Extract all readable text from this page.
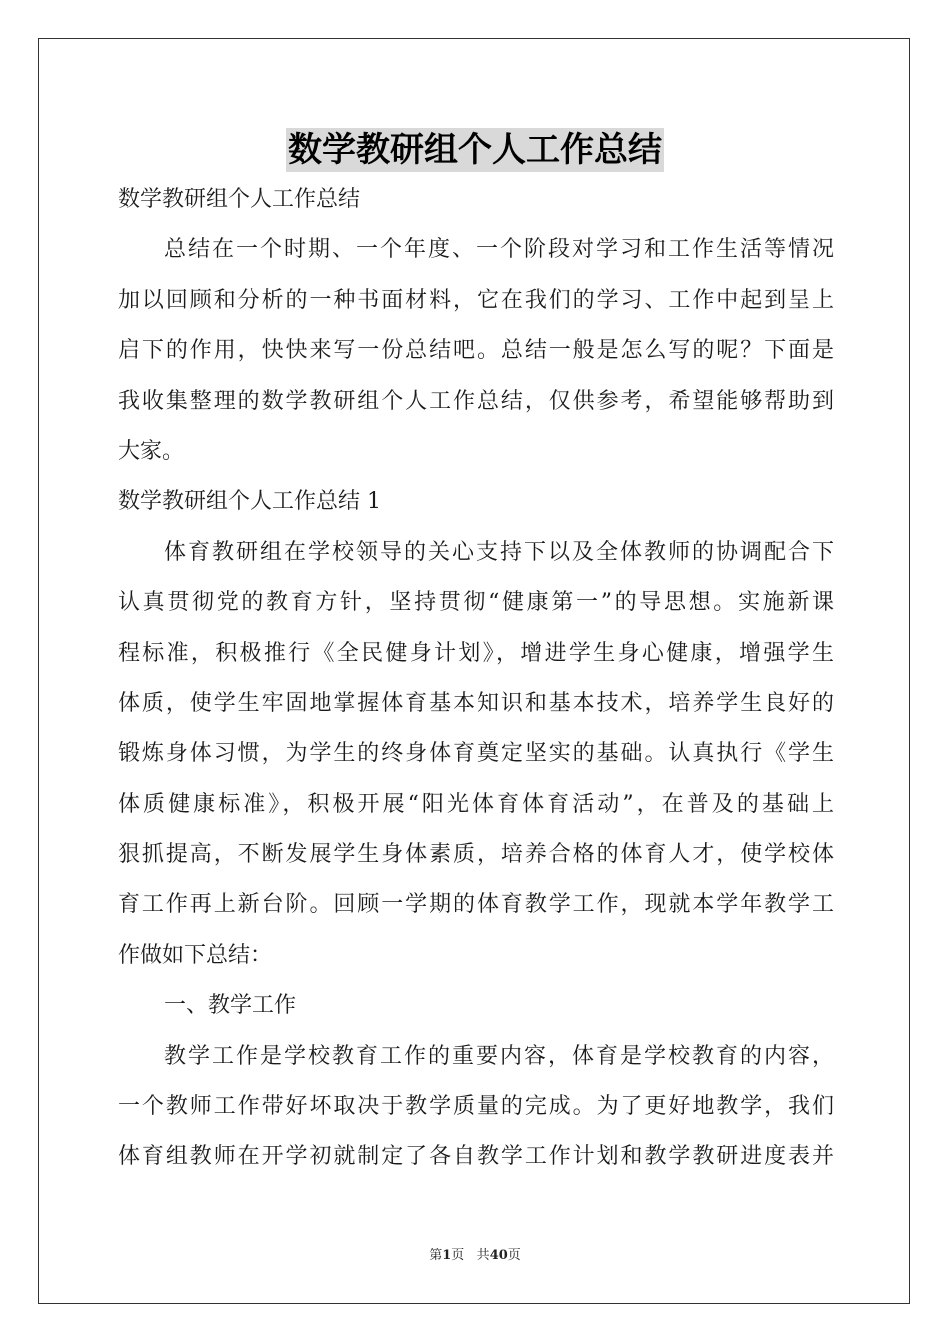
数学教研组个人工作总结
数学教研组个人工作总结
总结在一个时期、一个年度、一个阶段对学习和工作生活等情况
加以回顾和分析的一种书面材料，它在我们的学习、工作中起到呈上
启下的作用，快快来写一份总结吧。总结一般是怎么写的呢？下面是
我收集整理的数学教研组个人工作总结，仅供参考，希望能够帮助到
大家。
数学教研组个人工作总结 1
体育教研组在学校领导的关心支持下以及全体教师的协调配合下
认真贯彻党的教育方针，坚持贯彻“健康第一”的导思想。实施新课
程标准，积极推行《全民健身计划》，增进学生身心健康，增强学生
体质，使学生牢固地掌握体育基本知识和基本技术，培养学生良好的
锻炼身体习惯，为学生的终身体育奠定坚实的基础。认真执行《学生
体质健康标准》，积极开展“阳光体育体育活动”，在普及的基础上
狠抓提高，不断发展学生身体素质，培养合格的体育人才，使学校体
育工作再上新台阶。回顾一学期的体育教学工作，现就本学年教学工
作做如下总结：
一、教学工作
教学工作是学校教育工作的重要内容，体育是学校教育的内容，
一个教师工作带好坏取决于教学质量的完成。为了更好地教学，我们
体育组教师在开学初就制定了各自教学工作计划和教学教研进度表并
第1页 共40页
